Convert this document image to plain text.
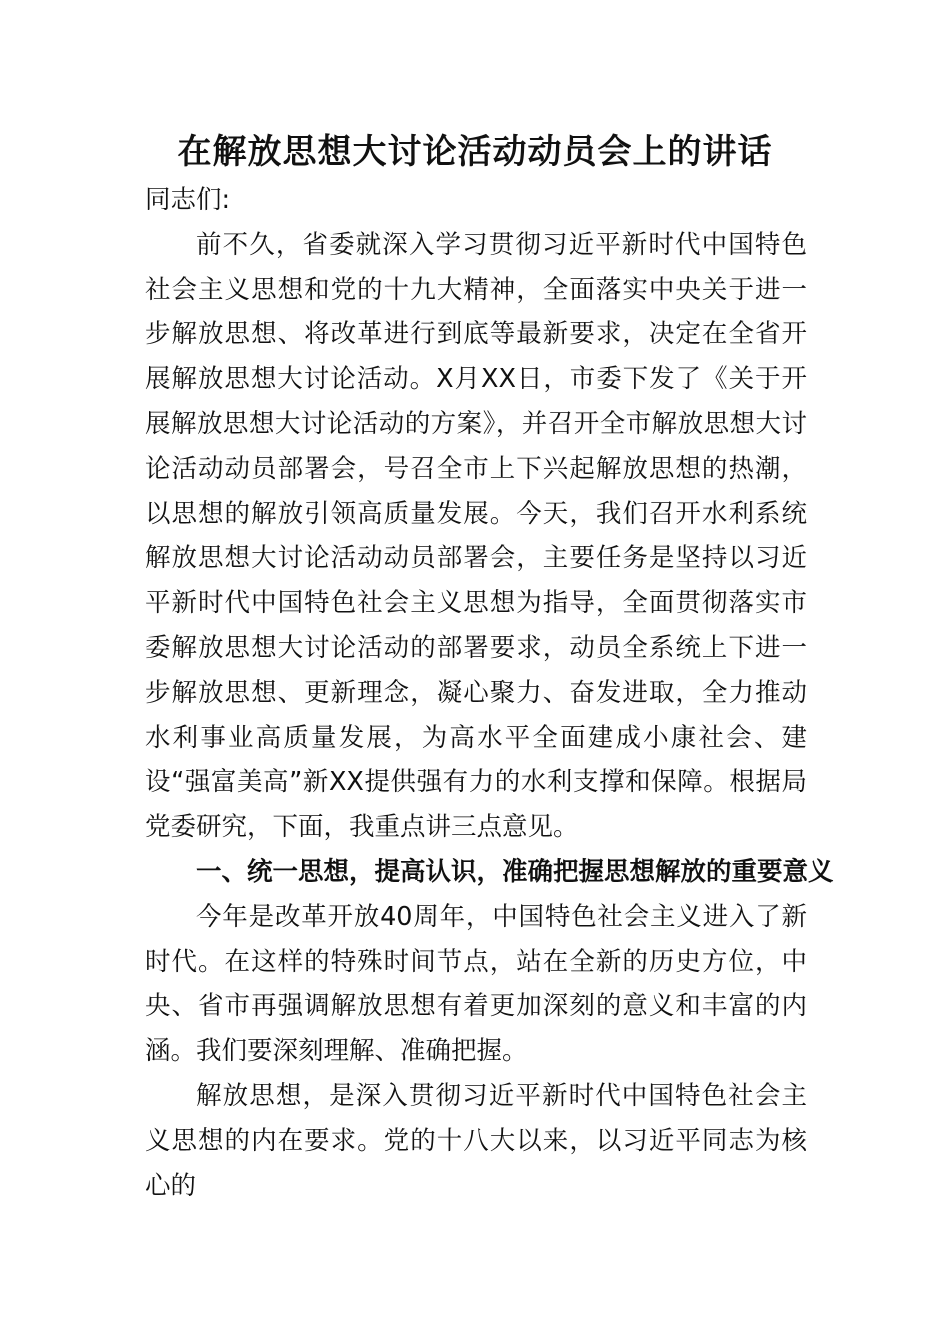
在解放思想大讨论活动动员会上的讲话

同志们:

前不久，省委就深入学习贯彻习近平新时代中国特色社会主义思想和党的十九大精神，全面落实中央关于进一步解放思想、将改革进行到底等最新要求，决定在全省开展解放思想大讨论活动。X月XX日，市委下发了《关于开展解放思想大讨论活动的方案》，并召开全市解放思想大讨论活动动员部署会，号召全市上下兴起解放思想的热潮，以思想的解放引领高质量发展。今天，我们召开水利系统解放思想大讨论活动动员部署会，主要任务是坚持以习近平新时代中国特色社会主义思想为指导，全面贯彻落实市委解放思想大讨论活动的部署要求，动员全系统上下进一步解放思想、更新理念，凝心聚力、奋发进取，全力推动水利事业高质量发展，为高水平全面建成小康社会、建设“强富美高”新XX提供强有力的水利支撑和保障。根据局党委研究，下面，我重点讲三点意见。

一、统一思想，提高认识，准确把握思想解放的重要意义

今年是改革开放40周年，中国特色社会主义进入了新时代。在这样的特殊时间节点，站在全新的历史方位，中央、省市再强调解放思想有着更加深刻的意义和丰富的内涵。我们要深刻理解、准确把握。

解放思想，是深入贯彻习近平新时代中国特色社会主义思想的内在要求。党的十八大以来，以习近平同志为核心的
